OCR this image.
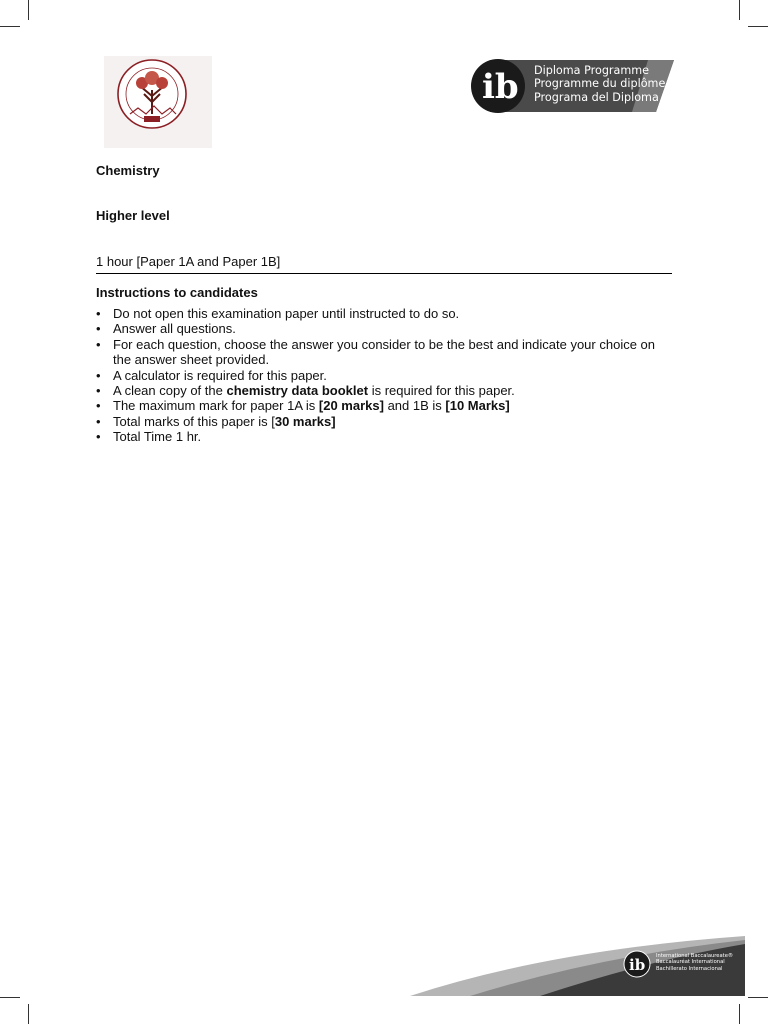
ib Diploma Programme
Programme du diplôme
Programa del Diploma
Chemistry
Higher level
1 hour [Paper 1A and Paper 1B]
Instructions to candidates
• Do not open this examination paper until instructed to do so.
• Answer all questions.
• For each question, choose the answer you consider to be the best and indicate your choice on the answer sheet provided.
• A calculator is required for this paper.
• A clean copy of the chemistry data booklet is required for this paper.
• The maximum mark for paper 1A is [20 marks] and 1B is [10 Marks]
• Total marks of this paper is [30 marks]
• Total Time 1 hr.
ib International Baccalaureate®
Baccalauréat International
Bachillerato Internacional
